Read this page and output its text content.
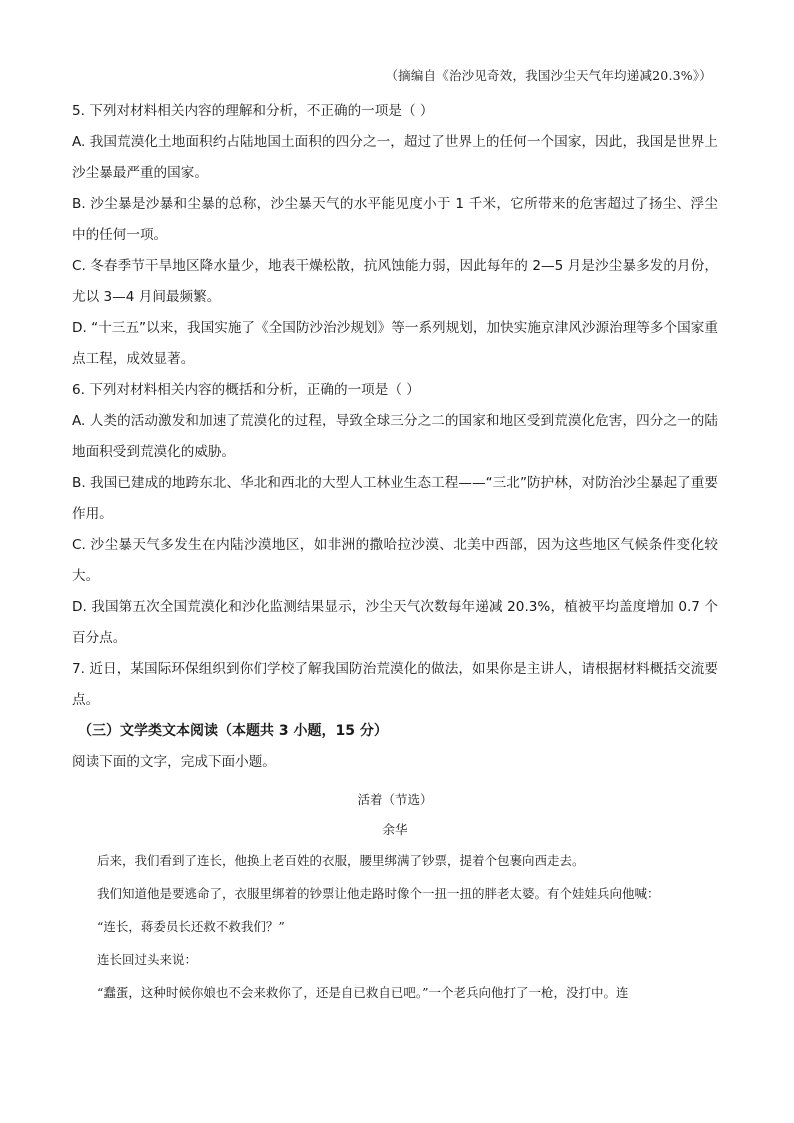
（摘编自《治沙见奇效，我国沙尘天气年均递减20.3%》）

5. 下列对材料相关内容的理解和分析，不正确的一项是（ ）

A. 我国荒漠化土地面积约占陆地国土面积的四分之一，超过了世界上的任何一个国家，因此，我国是世界上沙尘暴最严重的国家。

B. 沙尘暴是沙暴和尘暴的总称，沙尘暴天气的水平能见度小于 1 千米，它所带来的危害超过了扬尘、浮尘中的任何一项。

C. 冬春季节干旱地区降水量少，地表干燥松散，抗风蚀能力弱，因此每年的 2—5 月是沙尘暴多发的月份，尤以 3—4 月间最频繁。

D. “十三五”以来，我国实施了《全国防沙治沙规划》等一系列规划，加快实施京津风沙源治理等多个国家重点工程，成效显著。

6. 下列对材料相关内容的概括和分析，正确的一项是（ ）

A. 人类的活动激发和加速了荒漠化的过程，导致全球三分之二的国家和地区受到荒漠化危害，四分之一的陆地面积受到荒漠化的威胁。

B. 我国已建成的地跨东北、华北和西北的大型人工林业生态工程——“三北”防护林，对防治沙尘暴起了重要作用。

C. 沙尘暴天气多发生在内陆沙漠地区，如非洲的撒哈拉沙漠、北美中西部，因为这些地区气候条件变化较大。

D. 我国第五次全国荒漠化和沙化监测结果显示，沙尘天气次数每年递减 20.3%，植被平均盖度增加 0.7 个百分点。

7. 近日，某国际环保组织到你们学校了解我国防治荒漠化的做法，如果你是主讲人，请根据材料概括交流要点。

（三）文学类文本阅读（本题共 3 小题，15 分）

阅读下面的文字，完成下面小题。

活着（节选）

余华

后来，我们看到了连长，他换上老百姓的衣服，腰里绑满了钞票，提着个包裹向西走去。

我们知道他是要逃命了，衣服里绑着的钞票让他走路时像个一扭一扭的胖老太婆。有个娃娃兵向他喊：

“连长，蒋委员长还救不救我们？”

连长回过头来说：

“蠢蛋，这种时候你娘也不会来救你了，还是自已救自已吧。”一个老兵向他打了一枪，没打中。连
